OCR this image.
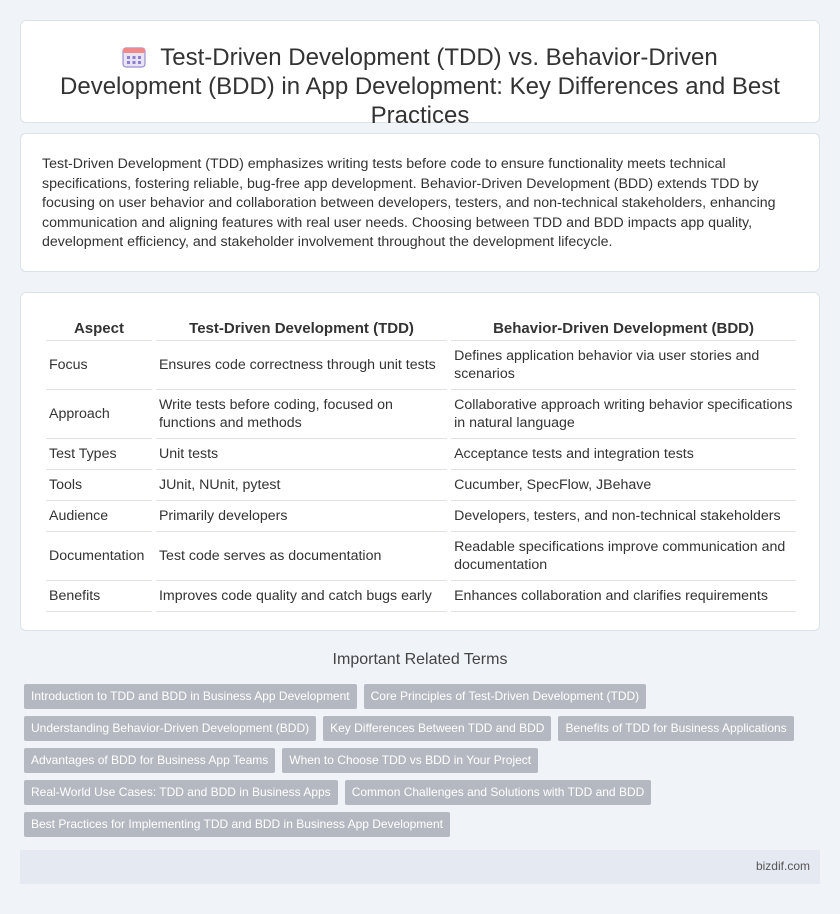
Test-Driven Development (TDD) vs. Behavior-Driven Development (BDD) in App Development: Key Differences and Best Practices

Test-Driven Development (TDD) emphasizes writing tests before code to ensure functionality meets technical specifications, fostering reliable, bug-free app development. Behavior-Driven Development (BDD) extends TDD by focusing on user behavior and collaboration between developers, testers, and non-technical stakeholders, enhancing communication and aligning features with real user needs. Choosing between TDD and BDD impacts app quality, development efficiency, and stakeholder involvement throughout the development lifecycle.

Aspect	Test-Driven Development (TDD)	Behavior-Driven Development (BDD)
Focus	Ensures code correctness through unit tests	Defines application behavior via user stories and scenarios
Approach	Write tests before coding, focused on functions and methods	Collaborative approach writing behavior specifications in natural language
Test Types	Unit tests	Acceptance tests and integration tests
Tools	JUnit, NUnit, pytest	Cucumber, SpecFlow, JBehave
Audience	Primarily developers	Developers, testers, and non-technical stakeholders
Documentation	Test code serves as documentation	Readable specifications improve communication and documentation
Benefits	Improves code quality and catch bugs early	Enhances collaboration and clarifies requirements
Important Related Terms
Introduction to TDD and BDD in Business App Development	Core Principles of Test-Driven Development (TDD)
Understanding Behavior-Driven Development (BDD)	Key Differences Between TDD and BDD	Benefits of TDD for Business Applications
Advantages of BDD for Business App Teams	When to Choose TDD vs BDD in Your Project
Real-World Use Cases: TDD and BDD in Business Apps	Common Challenges and Solutions with TDD and BDD
Best Practices for Implementing TDD and BDD in Business App Development
bizdif.com
